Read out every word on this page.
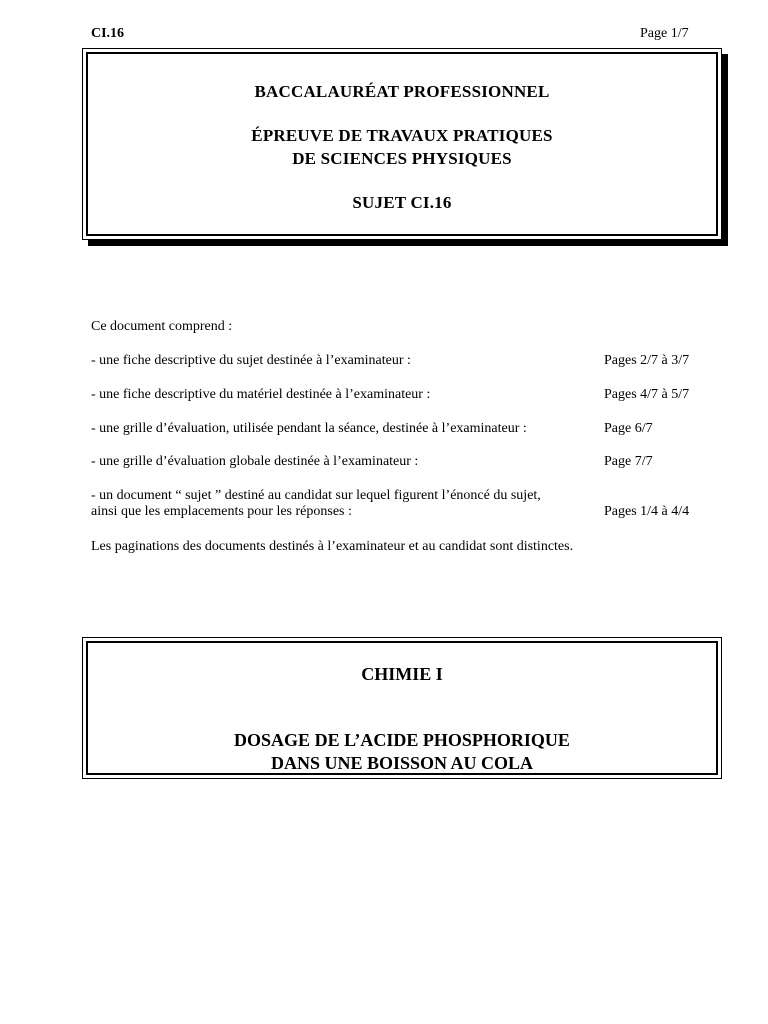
CI.16	Page 1/7
BACCALAURÉAT PROFESSIONNEL
ÉPREUVE DE TRAVAUX PRATIQUES
DE SCIENCES PHYSIQUES
SUJET CI.16
Ce document comprend :
- une fiche descriptive du sujet destinée à l’examinateur :	Pages 2/7 à 3/7
- une fiche descriptive du matériel destinée à l’examinateur :	Pages 4/7 à 5/7
- une grille d’évaluation, utilisée pendant la séance, destinée à l’examinateur :	Page 6/7
- une grille d’évaluation globale destinée à l’examinateur :	Page 7/7
- un document “ sujet ” destiné au candidat sur lequel figurent l’énoncé du sujet,
ainsi que les emplacements pour les réponses :	Pages 1/4 à 4/4
Les paginations des documents destinés à l’examinateur et au candidat sont distinctes.
CHIMIE I
DOSAGE DE L’ACIDE PHOSPHORIQUE
DANS UNE BOISSON AU COLA
